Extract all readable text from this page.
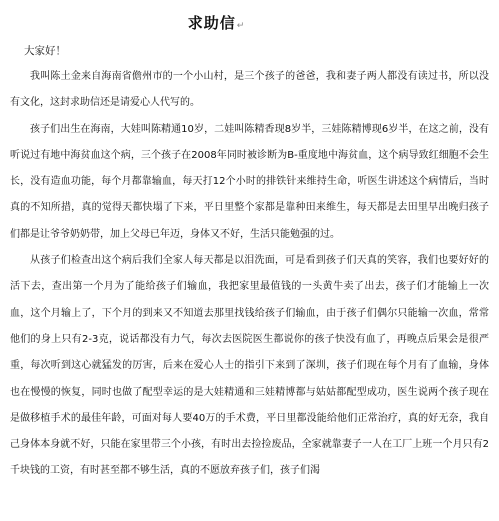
求助信↵
大家好！

我叫陈土金来自海南省儋州市的一个小山村，是三个孩子的爸爸，我和妻子两人都没有读过书，所以没有文化，这封求助信还是请爱心人代写的。

孩子们出生在海南，大娃叫陈精通10岁，二娃叫陈精香现8岁半，三娃陈精博现6岁半，在这之前，没有听说过有地中海贫血这个病，三个孩子在2008年同时被诊断为B-重度地中海贫血，这个病导致红细胞不会生长，没有造血功能，每个月都靠输血，每天打12个小时的排铁针来维持生命，听医生讲述这个病情后，当时真的不知所措，真的觉得天都快塌了下来，平日里整个家都是靠种田来维生，每天都是去田里早出晚归孩子们都是让爷爷奶奶带，加上父母已年迈，身体又不好，生活只能勉强的过。

从孩子们检查出这个病后我们全家人每天都是以泪洗面，可是看到孩子们天真的笑容，我们也要好好的活下去，查出第一个月为了能给孩子们输血，我把家里最值钱的一头黄牛卖了出去，孩子们才能输上一次血，这个月输上了，下个月的到来又不知道去那里找钱给孩子们输血，由于孩子们偶尔只能输一次血，常常他们的身上只有2-3克，说话都没有力气，每次去医院医生都说你的孩子快没有血了，再晚点后果会是很严重，每次听到这心就猛发的厉害，后来在爱心人士的指引下来到了深圳，孩子们现在每个月有了血输，身体也在慢慢的恢复，同时也做了配型幸运的是大娃精通和三娃精博都与姑姑都配型成功，医生说两个孩子现在是做移植手术的最佳年龄，可面对每人要40万的手术费，平日里都没能给他们正常治疗，真的好无奈，我自己身体本身就不好，只能在家里带三个小孩，有时出去捡捡废品，全家就靠妻子一人在工厂上班一个月只有2千块钱的工资，有时甚至都不够生活，真的不愿放弃孩子们，孩子们渴
